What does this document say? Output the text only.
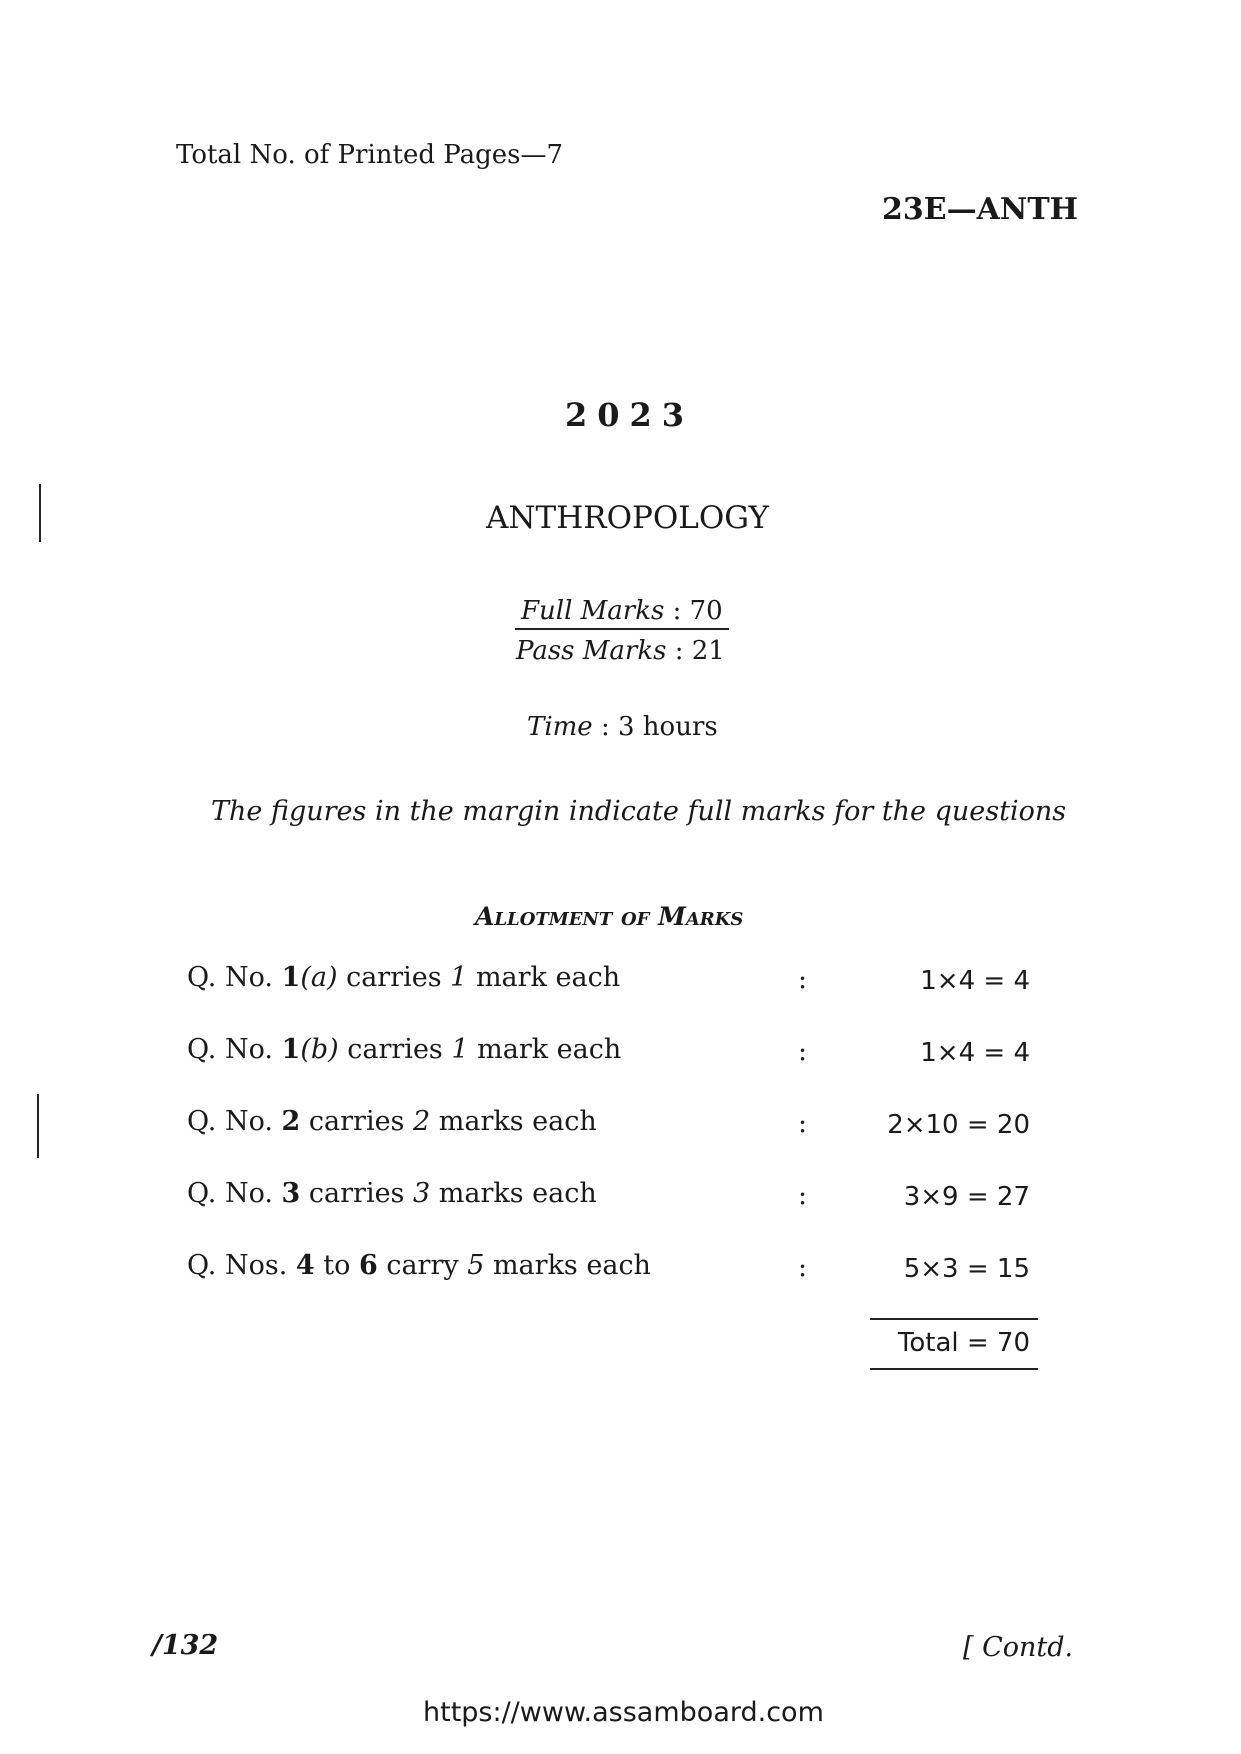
Total No. of Printed Pages—7
23E—ANTH
2023
ANTHROPOLOGY
Full Marks : 70
Pass Marks : 21
Time : 3 hours
The figures in the margin indicate full marks for the questions
Allotment of Marks
Q. No. 1(a) carries 1 mark each	:	1×4 = 4
Q. No. 1(b) carries 1 mark each	:	1×4 = 4
Q. No. 2 carries 2 marks each	:	2×10 = 20
Q. No. 3 carries 3 marks each	:	3×9 = 27
Q. Nos. 4 to 6 carry 5 marks each	:	5×3 = 15
Total = 70
/132	[ Contd.
https://www.assamboard.com
